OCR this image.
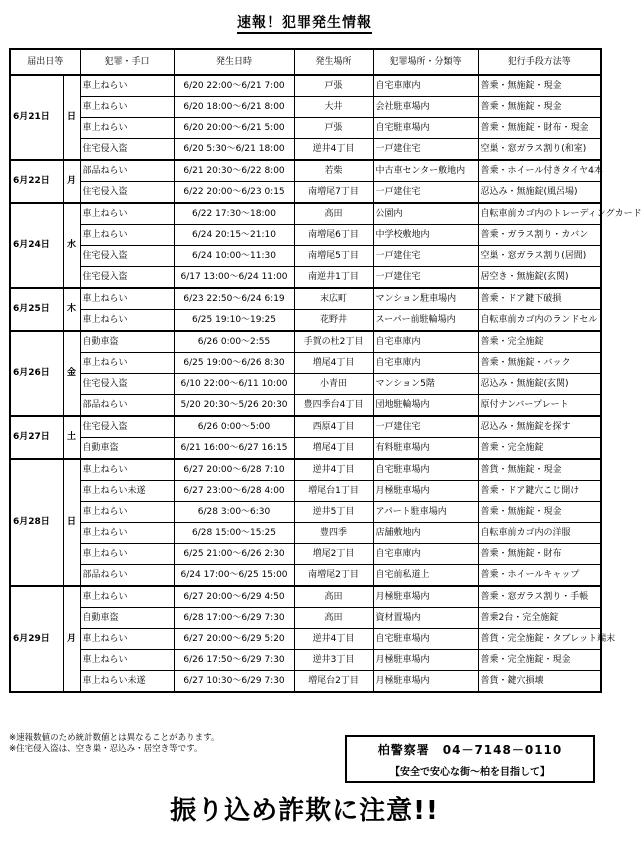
速報！犯罪発生情報
届出日等		犯罪・手口	発生日時	発生場所	犯罪場所・分類等	犯行手段方法等
6月21日	日	車上ねらい	6/20 22:00～6/21 7:00	戸張	自宅車庫内	普乗・無施錠・現金
		車上ねらい	6/20 18:00～6/21 8:00	大井	会社駐車場内	普乗・無施錠・現金
		車上ねらい	6/20 20:00～6/21 5:00	戸張	自宅駐車場内	普乗・無施錠・財布・現金
		住宅侵入盗	6/20 5:30～6/21 18:00	逆井4丁目	一戸建住宅	空巣・窓ガラス割り(和室)
6月22日	月	部品ねらい	6/21 20:30～6/22 8:00	若柴	中古車センター敷地内	普乗・ホイール付きタイヤ4本
		住宅侵入盗	6/22 20:00～6/23 0:15	南増尾7丁目	一戸建住宅	忍込み・無施錠(風呂場)
6月24日	水	車上ねらい	6/22 17:30～18:00	高田	公園内	自転車前カゴ内のトレーディングカード
		車上ねらい	6/24 20:15～21:10	南増尾6丁目	中学校敷地内	普乗・ガラス割り・カバン
		住宅侵入盗	6/24 10:00～11:30	南増尾5丁目	一戸建住宅	空巣・窓ガラス割り(居間)
		住宅侵入盗	6/17 13:00～6/24 11:00	南逆井1丁目	一戸建住宅	居空き・無施錠(玄関)
6月25日	木	車上ねらい	6/23 22:50～6/24 6:19	末広町	マンション駐車場内	普乗・ドア鍵下破損
		車上ねらい	6/25 19:10～19:25	花野井	スーパー前駐輪場内	自転車前カゴ内のランドセル
6月26日	金	自動車盗	6/26 0:00～2:55	手賀の杜2丁目	自宅車庫内	普乗・完全施錠
		車上ねらい	6/25 19:00～6/26 8:30	増尾4丁目	自宅車庫内	普乗・無施錠・バック
		住宅侵入盗	6/10 22:00～6/11 10:00	小青田	マンション5階	忍込み・無施錠(玄関)
		部品ねらい	5/20 20:30～5/26 20:30	豊四季台4丁目	団地駐輪場内	原付ナンバープレート
6月27日	土	住宅侵入盗	6/26 0:00～5:00	西原4丁目	一戸建住宅	忍込み・無施錠を探す
		自動車盗	6/21 16:00～6/27 16:15	増尾4丁目	有料駐車場内	普乗・完全施錠
6月28日	日	車上ねらい	6/27 20:00～6/28 7:10	逆井4丁目	自宅駐車場内	普貨・無施錠・現金
		車上ねらい未遂	6/27 23:00～6/28 4:00	増尾台1丁目	月極駐車場内	普乗・ドア鍵穴こじ開け
		車上ねらい	6/28 3:00～6:30	逆井5丁目	アパート駐車場内	普乗・無施錠・現金
		車上ねらい	6/28 15:00～15:25	豊四季	店舗敷地内	自転車前カゴ内の洋服
		車上ねらい	6/25 21:00～6/26 2:30	増尾2丁目	自宅車庫内	普乗・無施錠・財布
		部品ねらい	6/24 17:00～6/25 15:00	南増尾2丁目	自宅前私道上	普乗・ホイールキャップ
6月29日	月	車上ねらい	6/27 20:00～6/29 4:50	高田	月極駐車場内	普乗・窓ガラス割り・手帳
		自動車盗	6/28 17:00～6/29 7:30	高田	資材置場内	普乗2台・完全施錠
		車上ねらい	6/27 20:00～6/29 5:20	逆井4丁目	自宅駐車場内	普貨・完全施錠・タブレット端末
		車上ねらい	6/26 17:50～6/29 7:30	逆井3丁目	月極駐車場内	普乗・完全施錠・現金
		車上ねらい未遂	6/27 10:30～6/29 7:30	増尾台2丁目	月極駐車場内	普貨・鍵穴損壊
※速報数値のため統計数値とは異なることがあります。
※住宅侵入盗は、空き巣・忍込み・居空き等です。	柏警察署　04－7148－0110
【安全で安心な街～柏を目指して】
振り込め詐欺に注意!!
